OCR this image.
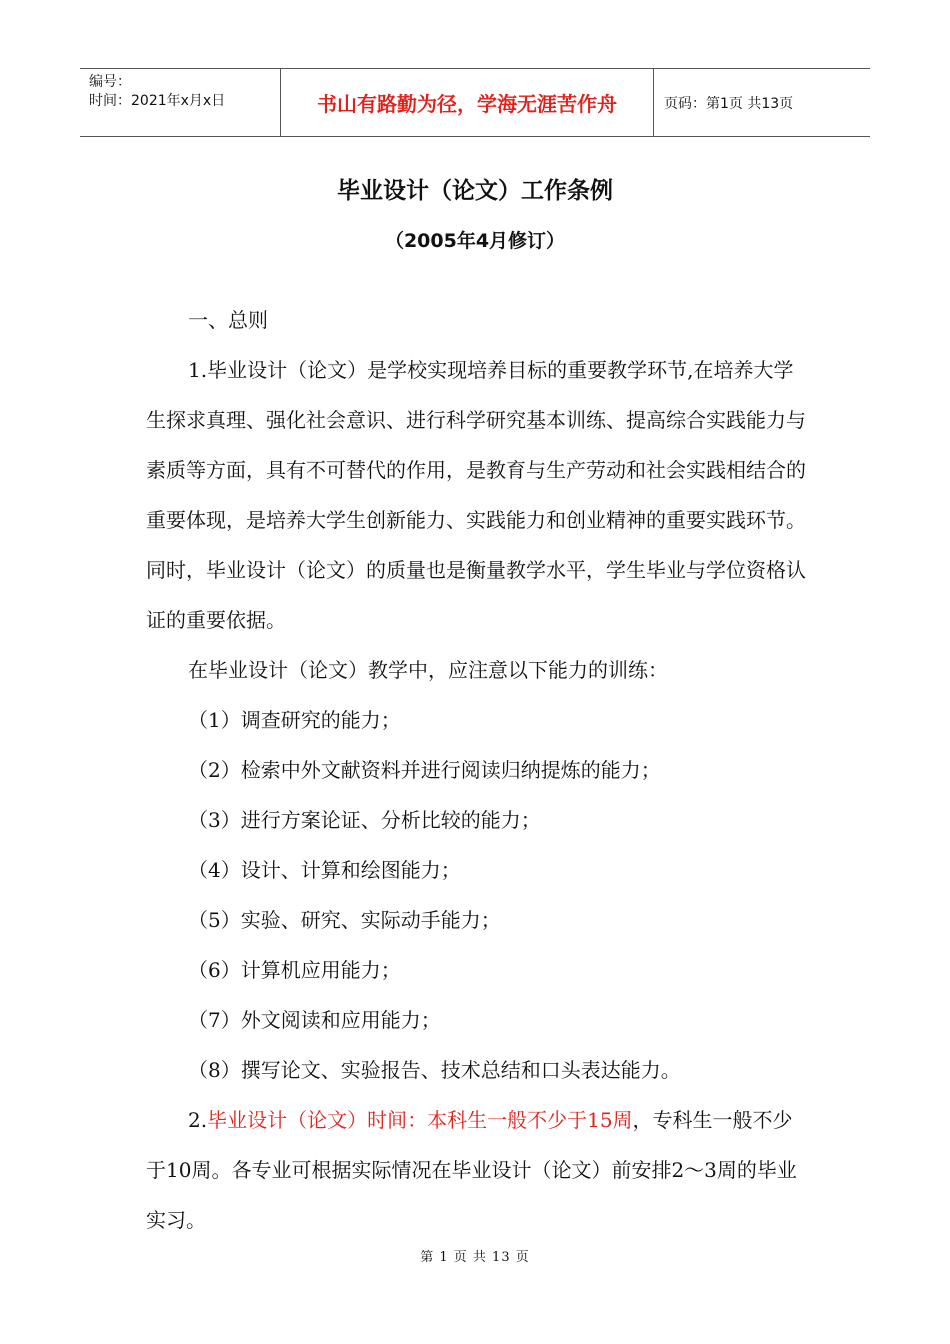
编号：
时间：2021年x月x日	书山有路勤为径，学海无涯苦作舟	页码：第1页 共13页
毕业设计（论文）工作条例
（2005年4月修订）

一、总则

1.毕业设计（论文）是学校实现培养目标的重要教学环节,在培养大学生探求真理、强化社会意识、进行科学研究基本训练、提高综合实践能力与素质等方面，具有不可替代的作用，是教育与生产劳动和社会实践相结合的重要体现，是培养大学生创新能力、实践能力和创业精神的重要实践环节。同时，毕业设计（论文）的质量也是衡量教学水平，学生毕业与学位资格认证的重要依据。

在毕业设计（论文）教学中，应注意以下能力的训练：

（1）调查研究的能力；

（2）检索中外文献资料并进行阅读归纳提炼的能力；

（3）进行方案论证、分析比较的能力；

（4）设计、计算和绘图能力；

（5）实验、研究、实际动手能力；

（6）计算机应用能力；

（7）外文阅读和应用能力；

（8）撰写论文、实验报告、技术总结和口头表达能力。

2.毕业设计（论文）时间：本科生一般不少于15周，专科生一般不少于10周。各专业可根据实际情况在毕业设计（论文）前安排2～3周的毕业实习。

第 1 页 共 13 页
